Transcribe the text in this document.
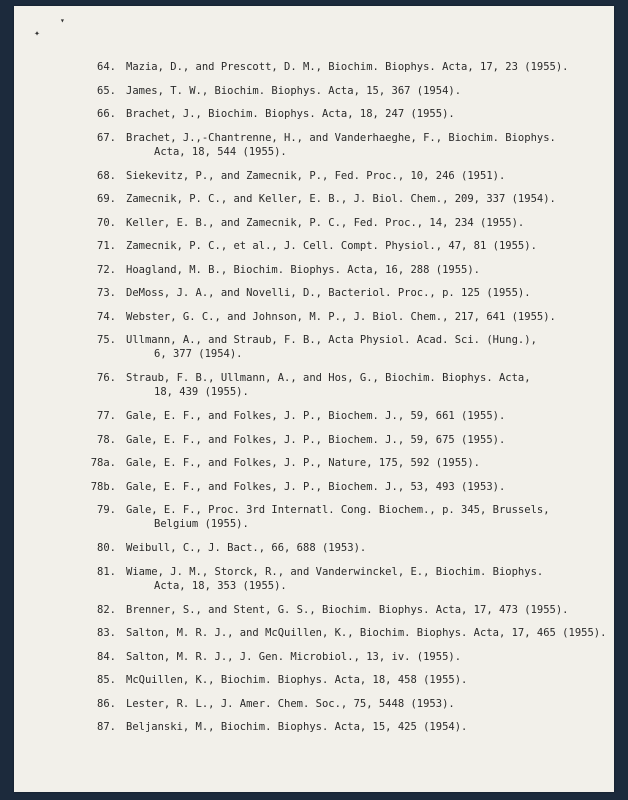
✦
▾
64. Mazia, D., and Prescott, D. M., Biochim. Biophys. Acta, 17, 23 (1955).
65. James, T. W., Biochim. Biophys. Acta, 15, 367 (1954).
66. Brachet, J., Biochim. Biophys. Acta, 18, 247 (1955).
67. Brachet, J.,-Chantrenne, H., and Vanderhaeghe, F., Biochim. Biophys.
Acta, 18, 544 (1955).
68. Siekevitz, P., and Zamecnik, P., Fed. Proc., 10, 246 (1951).
69. Zamecnik, P. C., and Keller, E. B., J. Biol. Chem., 209, 337 (1954).
70. Keller, E. B., and Zamecnik, P. C., Fed. Proc., 14, 234 (1955).
71. Zamecnik, P. C., et al., J. Cell. Compt. Physiol., 47, 81 (1955).
72. Hoagland, M. B., Biochim. Biophys. Acta, 16, 288 (1955).
73. DeMoss, J. A., and Novelli, D., Bacteriol. Proc., p. 125 (1955).
74. Webster, G. C., and Johnson, M. P., J. Biol. Chem., 217, 641 (1955).
75. Ullmann, A., and Straub, F. B., Acta Physiol. Acad. Sci. (Hung.),
6, 377 (1954).
76. Straub, F. B., Ullmann, A., and Hos, G., Biochim. Biophys. Acta,
18, 439 (1955).
77. Gale, E. F., and Folkes, J. P., Biochem. J., 59, 661 (1955).
78. Gale, E. F., and Folkes, J. P., Biochem. J., 59, 675 (1955).
78a. Gale, E. F., and Folkes, J. P., Nature, 175, 592 (1955).
78b. Gale, E. F., and Folkes, J. P., Biochem. J., 53, 493 (1953).
79. Gale, E. F., Proc. 3rd Internatl. Cong. Biochem., p. 345, Brussels,
Belgium (1955).
80. Weibull, C., J. Bact., 66, 688 (1953).
81. Wiame, J. M., Storck, R., and Vanderwinckel, E., Biochim. Biophys.
Acta, 18, 353 (1955).
82. Brenner, S., and Stent, G. S., Biochim. Biophys. Acta, 17, 473 (1955).
83. Salton, M. R. J., and McQuillen, K., Biochim. Biophys. Acta, 17, 465 (1955).
84. Salton, M. R. J., J. Gen. Microbiol., 13, iv. (1955).
85. McQuillen, K., Biochim. Biophys. Acta, 18, 458 (1955).
86. Lester, R. L., J. Amer. Chem. Soc., 75, 5448 (1953).
87. Beljanski, M., Biochim. Biophys. Acta, 15, 425 (1954).
